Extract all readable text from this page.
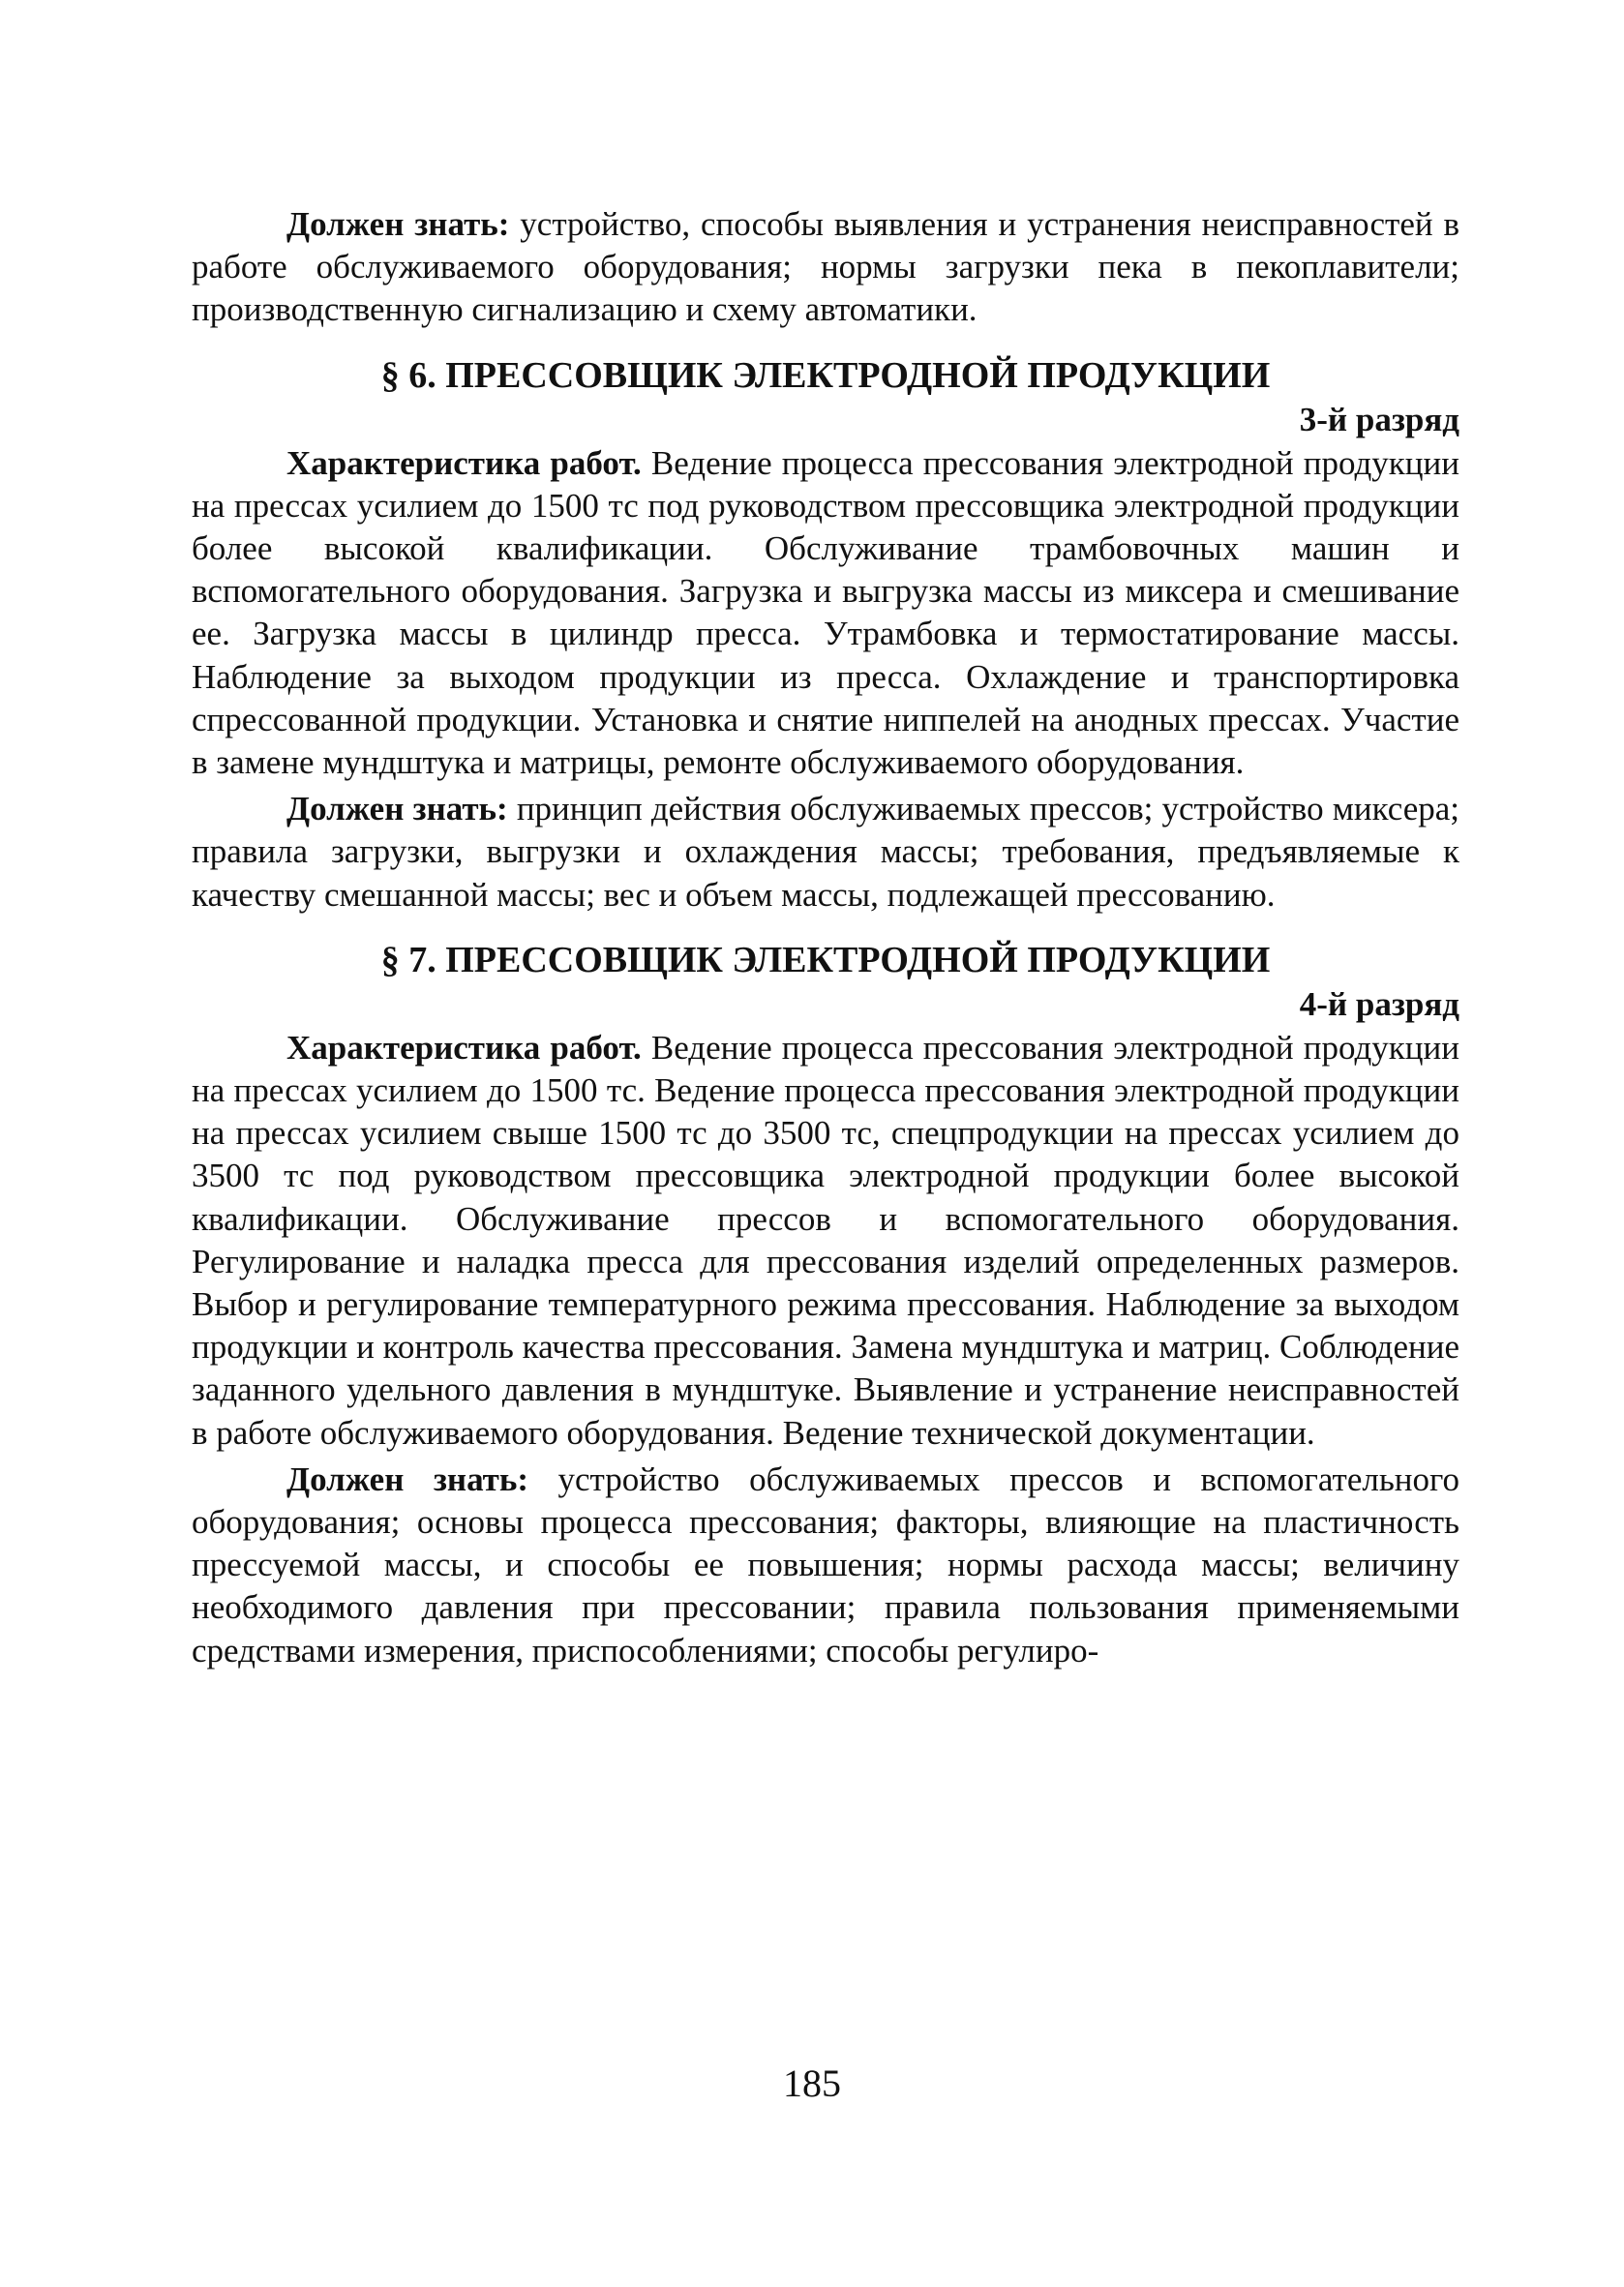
Должен знать: устройство, способы выявления и устранения неисправностей в работе обслуживаемого оборудования; нормы загрузки пека в пекоплавители; производственную сигнализацию и схему автоматики.

§ 6. ПРЕССОВЩИК ЭЛЕКТРОДНОЙ ПРОДУКЦИИ
3-й разряд

Характеристика работ. Ведение процесса прессования электродной продукции на прессах усилием до 1500 тс под руководством прессовщика электродной продукции более высокой квалификации. Обслуживание трамбовочных машин и вспомогательного оборудования. Загрузка и выгрузка массы из миксера и смешивание ее. Загрузка массы в цилиндр пресса. Утрамбовка и термостатирование массы. Наблюдение за выходом продукции из пресса. Охлаждение и транспортировка спрессованной продукции. Установка и снятие ниппелей на анодных прессах. Участие в замене мундштука и матрицы, ремонте обслуживаемого оборудования.

Должен знать: принцип действия обслуживаемых прессов; устройство миксера; правила загрузки, выгрузки и охлаждения массы; требования, предъявляемые к качеству смешанной массы; вес и объем массы, подлежащей прессованию.

§ 7. ПРЕССОВЩИК ЭЛЕКТРОДНОЙ ПРОДУКЦИИ
4-й разряд

Характеристика работ. Ведение процесса прессования электродной продукции на прессах усилием до 1500 тс. Ведение процесса прессования электродной продукции на прессах усилием свыше 1500 тс до 3500 тс, спецпродукции на прессах усилием до 3500 тс под руководством прессовщика электродной продукции более высокой квалификации. Обслуживание прессов и вспомогательного оборудования. Регулирование и наладка пресса для прессования изделий определенных размеров. Выбор и регулирование температурного режима прессования. Наблюдение за выходом продукции и контроль качества прессования. Замена мундштука и матриц. Соблюдение заданного удельного давления в мундштуке. Выявление и устранение неисправностей в работе обслуживаемого оборудования. Ведение технической документации.

Должен знать: устройство обслуживаемых прессов и вспомогательного оборудования; основы процесса прессования; факторы, влияющие на пластичность прессуемой массы, и способы ее повышения; нормы расхода массы; величину необходимого давления при прессовании; правила пользования применяемыми средствами измерения, приспособлениями; способы регулиро-

185
